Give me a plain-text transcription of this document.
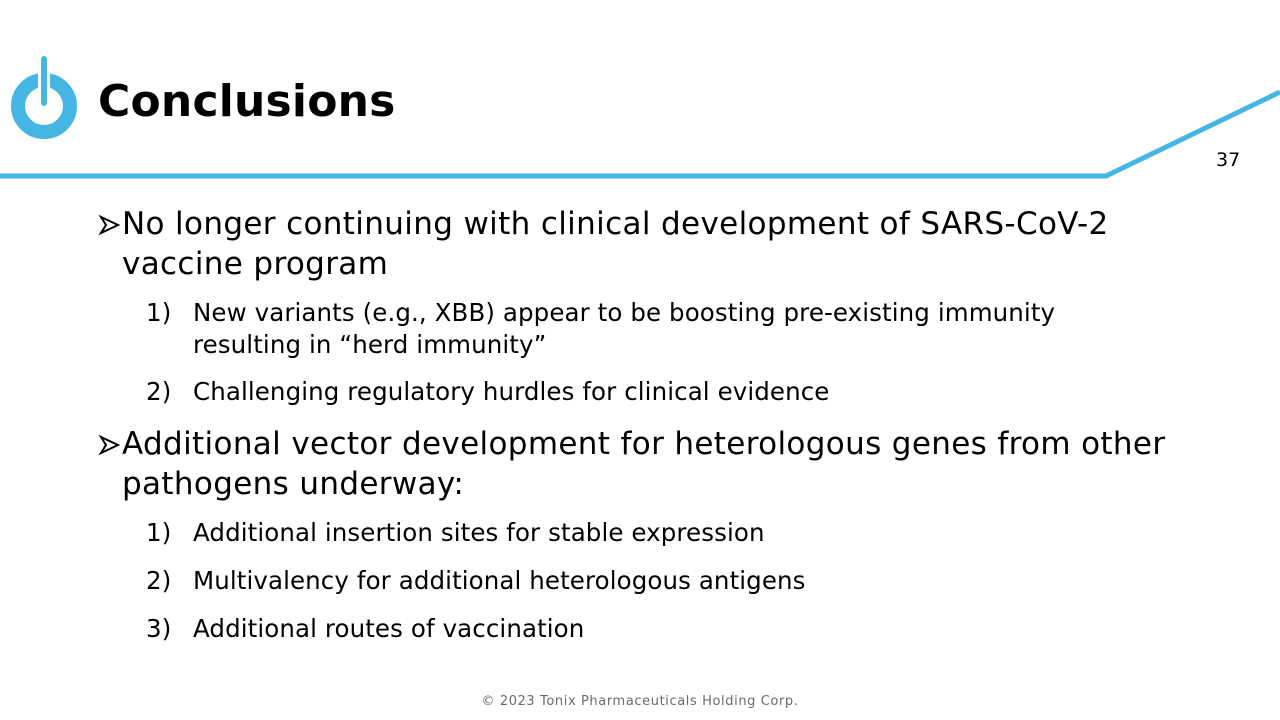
Conclusions
37
No longer continuing with clinical development of SARS-CoV-2 vaccine program
1) New variants (e.g., XBB) appear to be boosting pre-existing immunity resulting in “herd immunity”
2) Challenging regulatory hurdles for clinical evidence
Additional vector development for heterologous genes from other pathogens underway:
1) Additional insertion sites for stable expression
2) Multivalency for additional heterologous antigens
3) Additional routes of vaccination
© 2023 Tonix Pharmaceuticals Holding Corp.
